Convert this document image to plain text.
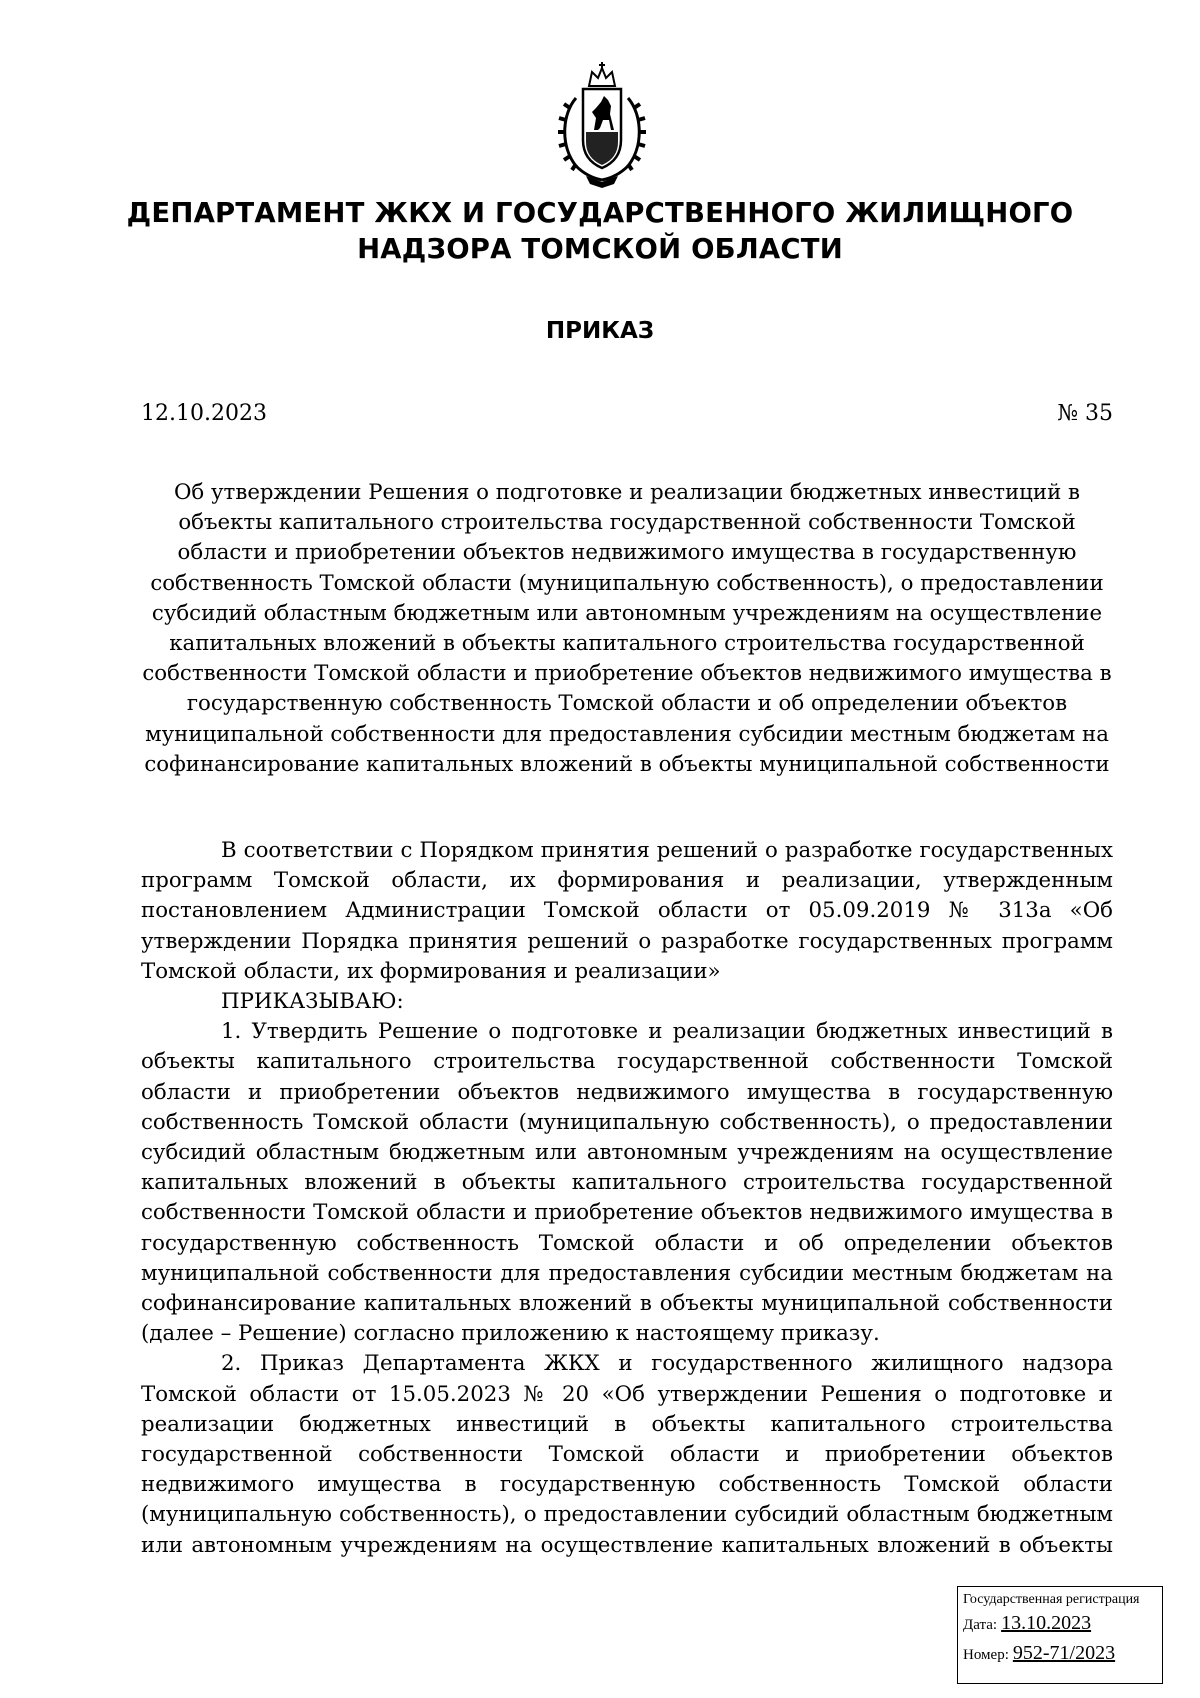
ДЕПАРТАМЕНТ ЖКХ И ГОСУДАРСТВЕННОГО ЖИЛИЩНОГО НАДЗОРА ТОМСКОЙ ОБЛАСТИ
ПРИКАЗ
12.10.2023	№ 35
Об утверждении Решения о подготовке и реализации бюджетных инвестиций в объекты капитального строительства государственной собственности Томской области и приобретении объектов недвижимого имущества в государственную собственность Томской области (муниципальную собственность), о предоставлении субсидий областным бюджетным или автономным учреждениям на осуществление капитальных вложений в объекты капитального строительства государственной собственности Томской области и приобретение объектов недвижимого имущества в государственную собственность Томской области и об определении объектов муниципальной собственности для предоставления субсидии местным бюджетам на софинансирование капитальных вложений в объекты муниципальной собственности

В соответствии с Порядком принятия решений о разработке государственных программ Томской области, их формирования и реализации, утвержденным постановлением Администрации Томской области от 05.09.2019 № 313а «Об утверждении Порядка принятия решений о разработке государственных программ Томской области, их формирования и реализации»

ПРИКАЗЫВАЮ:

1. Утвердить Решение о подготовке и реализации бюджетных инвестиций в объекты капитального строительства государственной собственности Томской области и приобретении объектов недвижимого имущества в государственную собственность Томской области (муниципальную собственность), о предоставлении субсидий областным бюджетным или автономным учреждениям на осуществление капитальных вложений в объекты капитального строительства государственной собственности Томской области и приобретение объектов недвижимого имущества в государственную собственность Томской области и об определении объектов муниципальной собственности для предоставления субсидии местным бюджетам на софинансирование капитальных вложений в объекты муниципальной собственности (далее – Решение) согласно приложению к настоящему приказу.

2. Приказ Департамента ЖКХ и государственного жилищного надзора Томской области от 15.05.2023 № 20 «Об утверждении Решения о подготовке и реализации бюджетных инвестиций в объекты капитального строительства государственной собственности Томской области и приобретении объектов недвижимого имущества в государственную собственность Томской области (муниципальную собственность), о предоставлении субсидий областным бюджетным или автономным учреждениям на осуществление капитальных вложений в объекты

Государственная регистрация
Дата: 13.10.2023
Номер: 952-71/2023
